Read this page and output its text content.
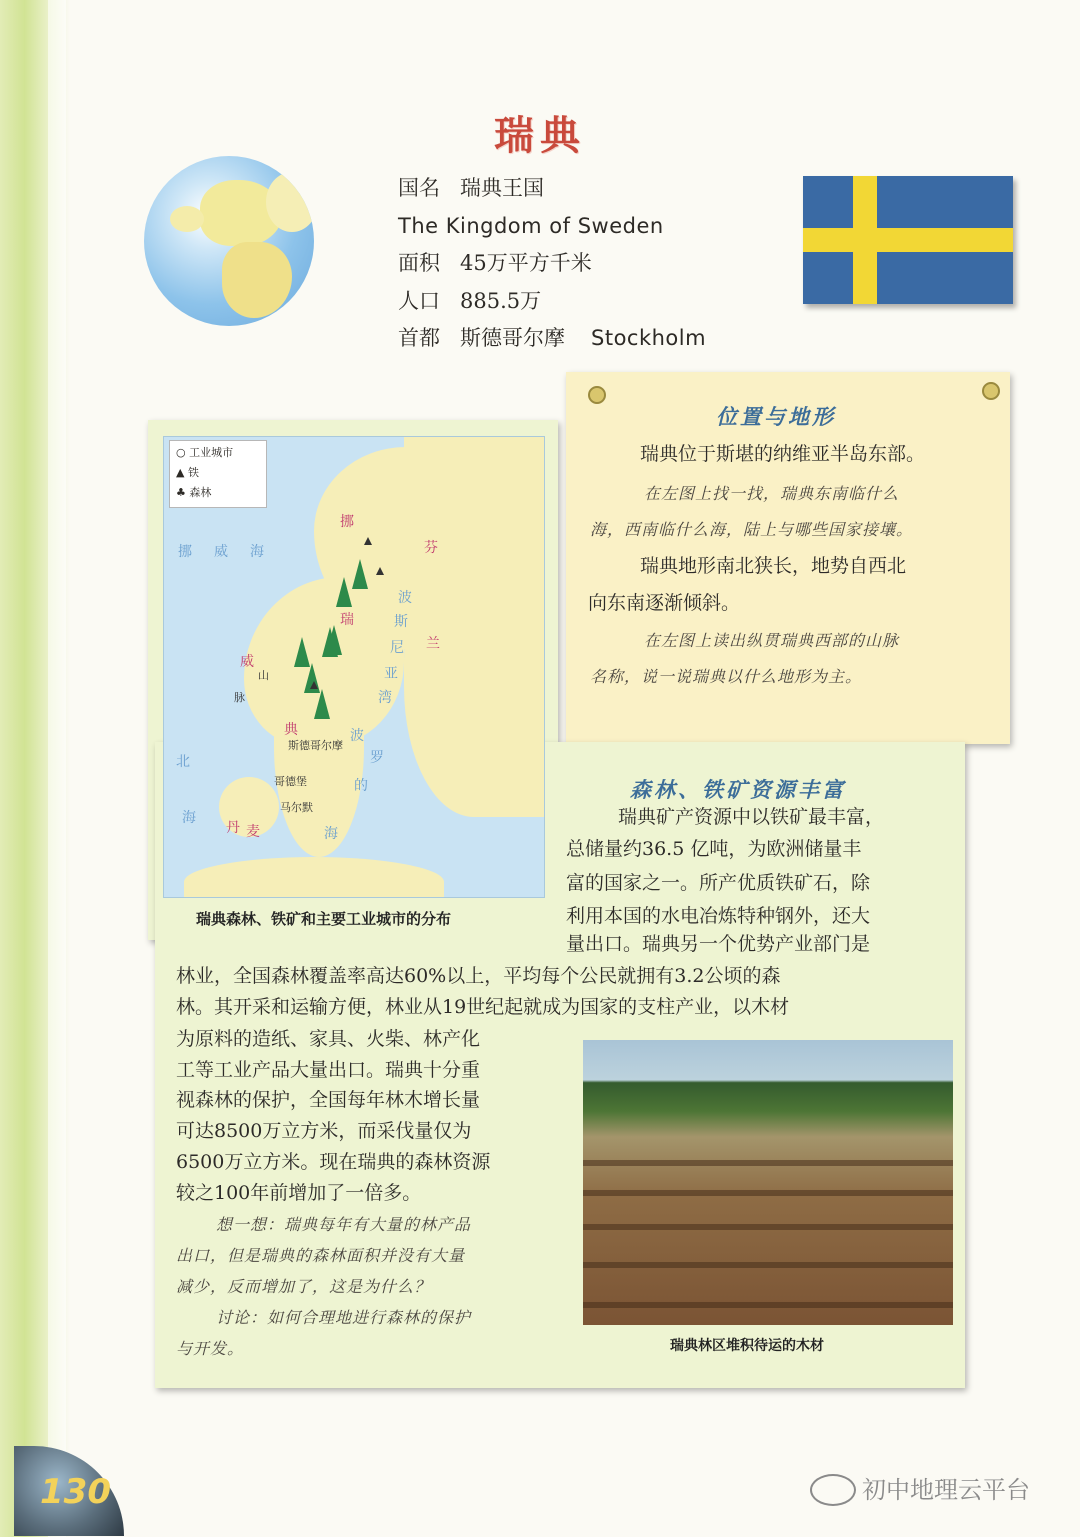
瑞典
国名 瑞典王国
The Kingdom of Sweden
面积 45万平方千米
人口 885.5万
首都 斯德哥尔摩 Stockholm
挪威海
挪
瑞
芬
兰
威
典
山
脉
北
海
丹 麦
波
罗
的
海
波
斯
尼
亚
湾
斯德哥尔摩
哥德堡
马尔默
○ 工业城市
▲ 铁
♣ 森林
瑞典森林、铁矿和主要工业城市的分布
位置与地形
瑞典位于斯堪的纳维亚半岛东部。
在左图上找一找，瑞典东南临什么
海，西南临什么海，陆上与哪些国家接壤。
瑞典地形南北狭长，地势自西北
向东南逐渐倾斜。
在左图上读出纵贯瑞典西部的山脉
名称，说一说瑞典以什么地形为主。
森林、铁矿资源丰富
瑞典矿产资源中以铁矿最丰富，
总储量约36.5 亿吨，为欧洲储量丰
富的国家之一。所产优质铁矿石，除
利用本国的水电冶炼特种钢外，还大
量出口。瑞典另一个优势产业部门是
林业，全国森林覆盖率高达60%以上，平均每个公民就拥有3.2公顷的森
林。其开采和运输方便，林业从19世纪起就成为国家的支柱产业，以木材
为原料的造纸、家具、火柴、林产化
工等工业产品大量出口。瑞典十分重
视森林的保护，全国每年林木增长量
可达8500万立方米，而采伐量仅为
6500万立方米。现在瑞典的森林资源
较之100年前增加了一倍多。
想一想：瑞典每年有大量的林产品
出口，但是瑞典的森林面积并没有大量
减少，反而增加了，这是为什么？
讨论：如何合理地进行森林的保护
与开发。	瑞典林区堆积待运的木材
130	初中地理云平台
